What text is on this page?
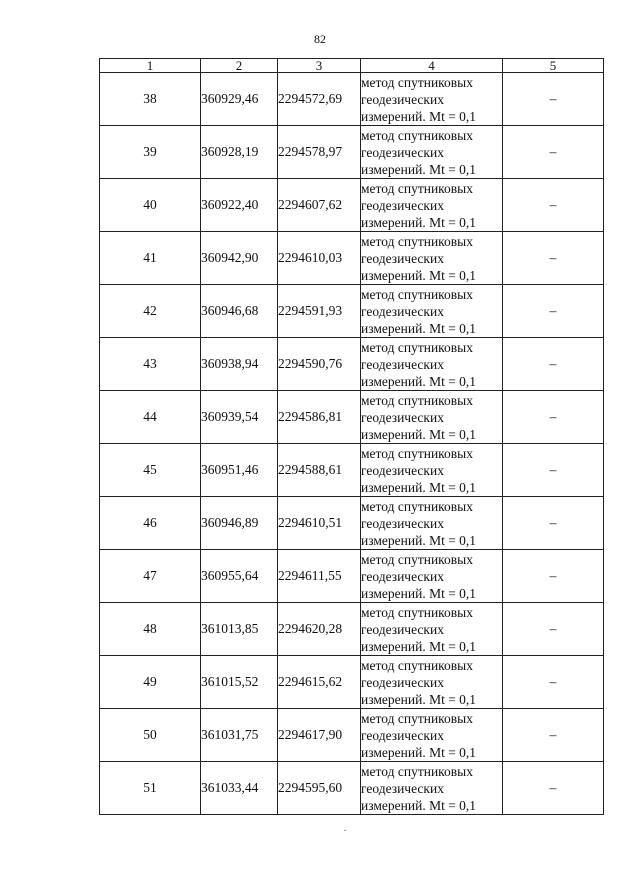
82
1	2	3	4	5
38	360929,46	2294572,69	метод спутниковых
геодезических
измерений. Mt = 0,1	–
39	360928,19	2294578,97	метод спутниковых
геодезических
измерений. Mt = 0,1	–
40	360922,40	2294607,62	метод спутниковых
геодезических
измерений. Mt = 0,1	–
41	360942,90	2294610,03	метод спутниковых
геодезических
измерений. Mt = 0,1	–
42	360946,68	2294591,93	метод спутниковых
геодезических
измерений. Mt = 0,1	–
43	360938,94	2294590,76	метод спутниковых
геодезических
измерений. Mt = 0,1	–
44	360939,54	2294586,81	метод спутниковых
геодезических
измерений. Mt = 0,1	–
45	360951,46	2294588,61	метод спутниковых
геодезических
измерений. Mt = 0,1	–
46	360946,89	2294610,51	метод спутниковых
геодезических
измерений. Mt = 0,1	–
47	360955,64	2294611,55	метод спутниковых
геодезических
измерений. Mt = 0,1	–
48	361013,85	2294620,28	метод спутниковых
геодезических
измерений. Mt = 0,1	–
49	361015,52	2294615,62	метод спутниковых
геодезических
измерений. Mt = 0,1	–
50	361031,75	2294617,90	метод спутниковых
геодезических
измерений. Mt = 0,1	–
51	361033,44	2294595,60	метод спутниковых
геодезических
измерений. Mt = 0,1	–
